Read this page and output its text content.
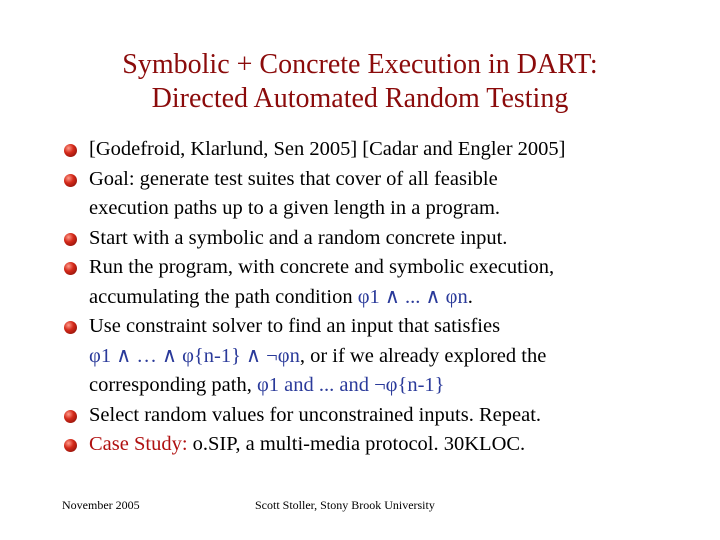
Symbolic + Concrete Execution in DART:
Directed Automated Random Testing
[Godefroid, Klarlund, Sen 2005] [Cadar and Engler 2005]
Goal: generate test suites that cover of all feasible
execution paths up to a given length in a program.
Start with a symbolic and a random concrete input.
Run the program, with concrete and symbolic execution,
accumulating the path condition φ1 ∧ ... ∧ φn.
Use constraint solver to find an input that satisfies
φ1 ∧ … ∧ φ{n-1} ∧ ¬φn, or if we already explored the
corresponding path, φ1 and ... and ¬φ{n-1}
Select random values for unconstrained inputs. Repeat.
Case Study: o.SIP, a multi-media protocol. 30KLOC.
November 2005	Scott Stoller, Stony Brook University
